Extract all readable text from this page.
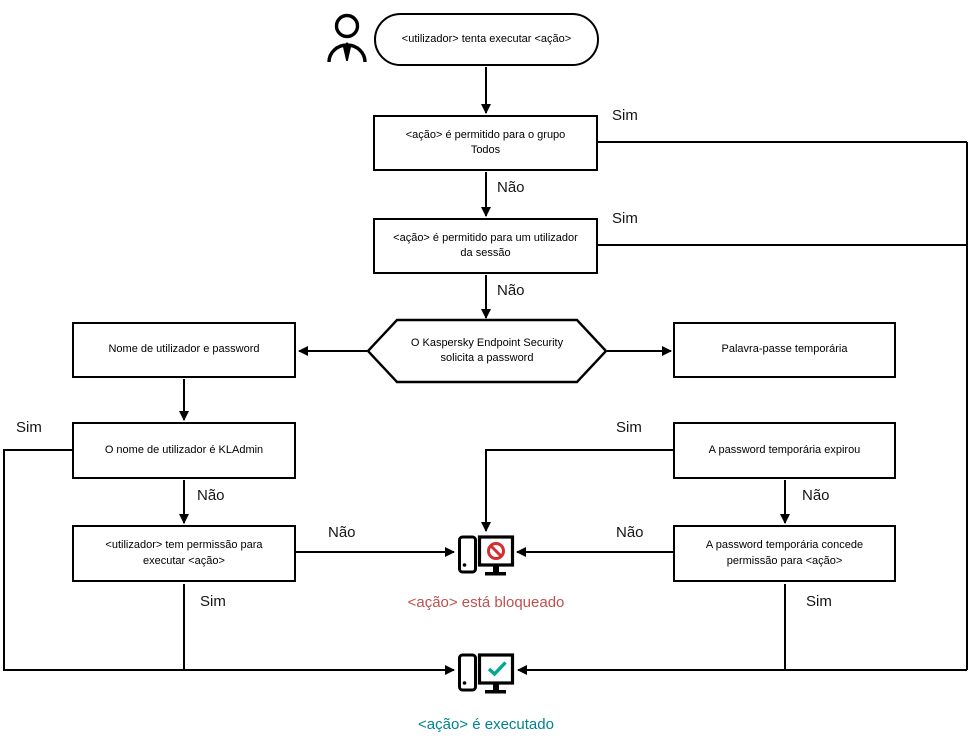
<utilizador> tenta executar <ação>
<ação> é permitido para o grupo Todos
<ação> é permitido para um utilizador da sessão
O Kaspersky Endpoint Security solicita a password
Nome de utilizador e password	Palavra-passe temporária
O nome de utilizador é KLAdmin
<utilizador> tem permissão para executar <ação>
A password temporária expirou
A password temporária concede permissão para <ação>
Sim
Não
Sim
Não
Sim
Não
Não
Sim
Sim
Não
Não
Sim
<ação> está bloqueado
<ação> é executado
